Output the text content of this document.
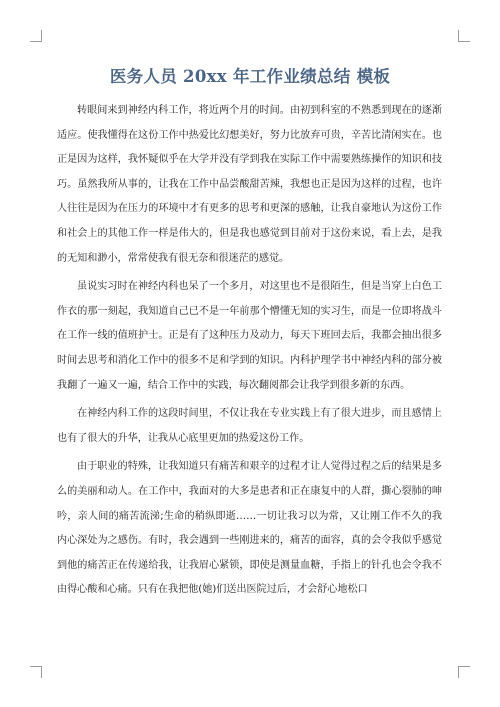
医务人员 20xx 年工作业绩总结 模板

转眼间来到神经内科工作，将近两个月的时间。由初到科室的不熟悉到现在的逐渐适应。使我懂得在这份工作中热爱比幻想美好，努力比放弃可贵，辛苦比清闲实在。也正是因为这样，我怀疑似乎在大学并没有学到我在实际工作中需要熟练操作的知识和技巧。虽然我所从事的，让我在工作中品尝酸甜苦辣，我想也正是因为这样的过程，也许人往往是因为在压力的环境中才有更多的思考和更深的感触，让我自豪地认为这份工作和社会上的其他工作一样是伟大的，但是我也感觉到目前对于这份来说，看上去，是我的无知和渺小，常常使我有很无奈和很迷茫的感觉。

虽说实习时在神经内科也呆了一个多月，对这里也不是很陌生，但是当穿上白色工作衣的那一刻起，我知道自己已不是一年前那个懵懂无知的实习生，而是一位即将战斗在工作一线的值班护士。正是有了这种压力及动力，每天下班回去后，我都会抽出很多时间去思考和消化工作中的很多不足和学到的知识。内科护理学书中神经内科的部分被我翻了一遍又一遍，结合工作中的实践，每次翻阅都会让我学到很多新的东西。

在神经内科工作的这段时间里，不仅让我在专业实践上有了很大进步，而且感情上也有了很大的升华，让我从心底里更加的热爱这份工作。

由于职业的特殊，让我知道只有痛苦和艰辛的过程才让人觉得过程之后的结果是多么的美丽和动人。在工作中，我面对的大多是患者和正在康复中的人群，撕心裂肺的呻吟，亲人间的痛苦流涕;生命的稍纵即逝……一切让我习以为常，又让刚工作不久的我内心深处为之感伤。有时，我会遇到一些刚进来的，痛苦的面容，真的会令我似乎感觉到他的痛苦正在传递给我，让我眉心紧锁，即使是测量血糖，手指上的针孔也会令我不由得心酸和心痛。只有在我把他(她)们送出医院过后，才会舒心地松口
